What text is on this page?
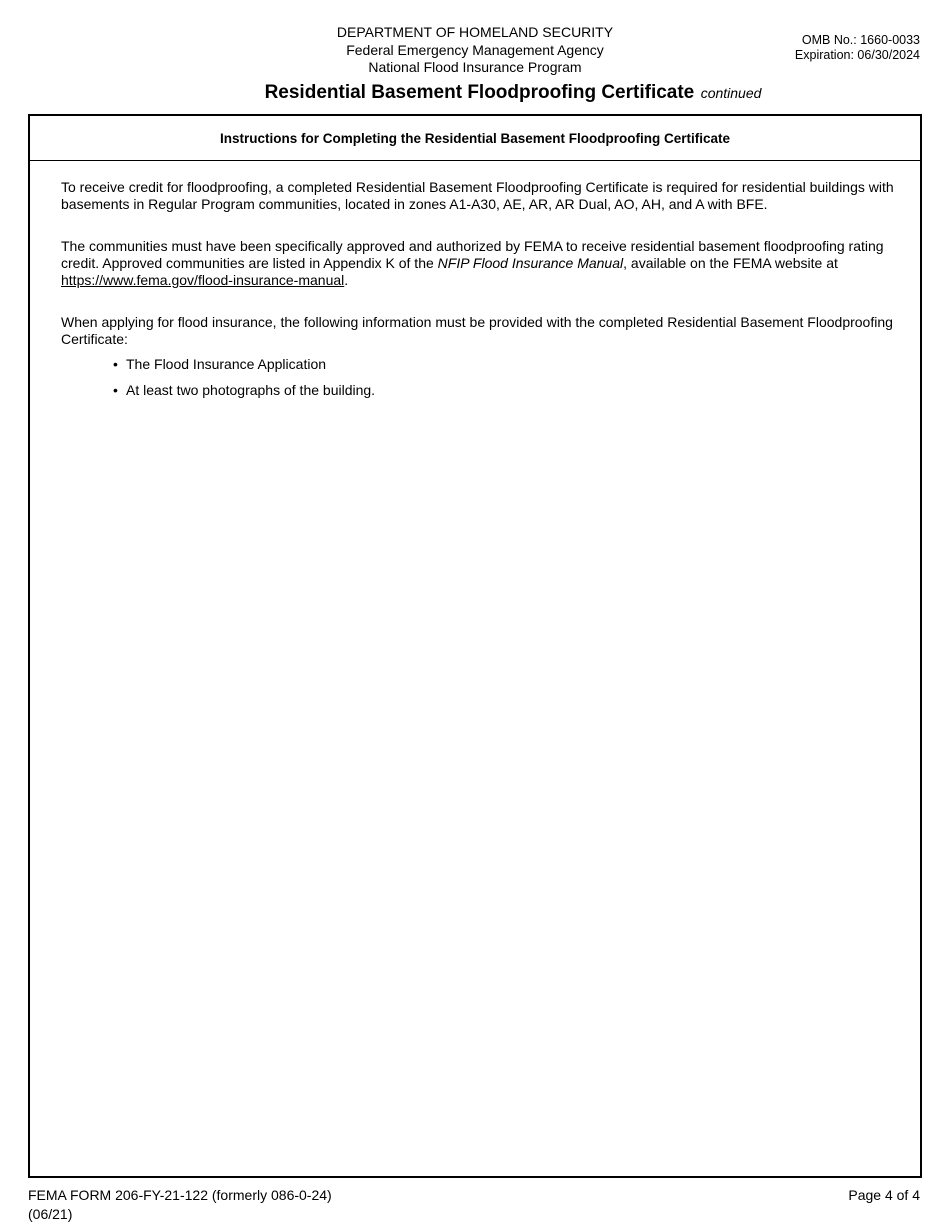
DEPARTMENT OF HOMELAND SECURITY
Federal Emergency Management Agency
National Flood Insurance Program
OMB No.: 1660-0033
Expiration: 06/30/2024
Residential Basement Floodproofing Certificate continued
Instructions for Completing the Residential Basement Floodproofing Certificate

To receive credit for floodproofing, a completed Residential Basement Floodproofing Certificate is required for residential buildings with basements in Regular Program communities, located in zones A1-A30, AE, AR, AR Dual, AO, AH, and A with BFE.

The communities must have been specifically approved and authorized by FEMA to receive residential basement floodproofing rating credit. Approved communities are listed in Appendix K of the NFIP Flood Insurance Manual, available on the FEMA website at https://www.fema.gov/flood-insurance-manual.

When applying for flood insurance, the following information must be provided with the completed Residential Basement Floodproofing Certificate:

• The Flood Insurance Application
• At least two photographs of the building.
FEMA FORM 206-FY-21-122 (formerly 086-0-24)
(06/21)
Page 4 of 4
